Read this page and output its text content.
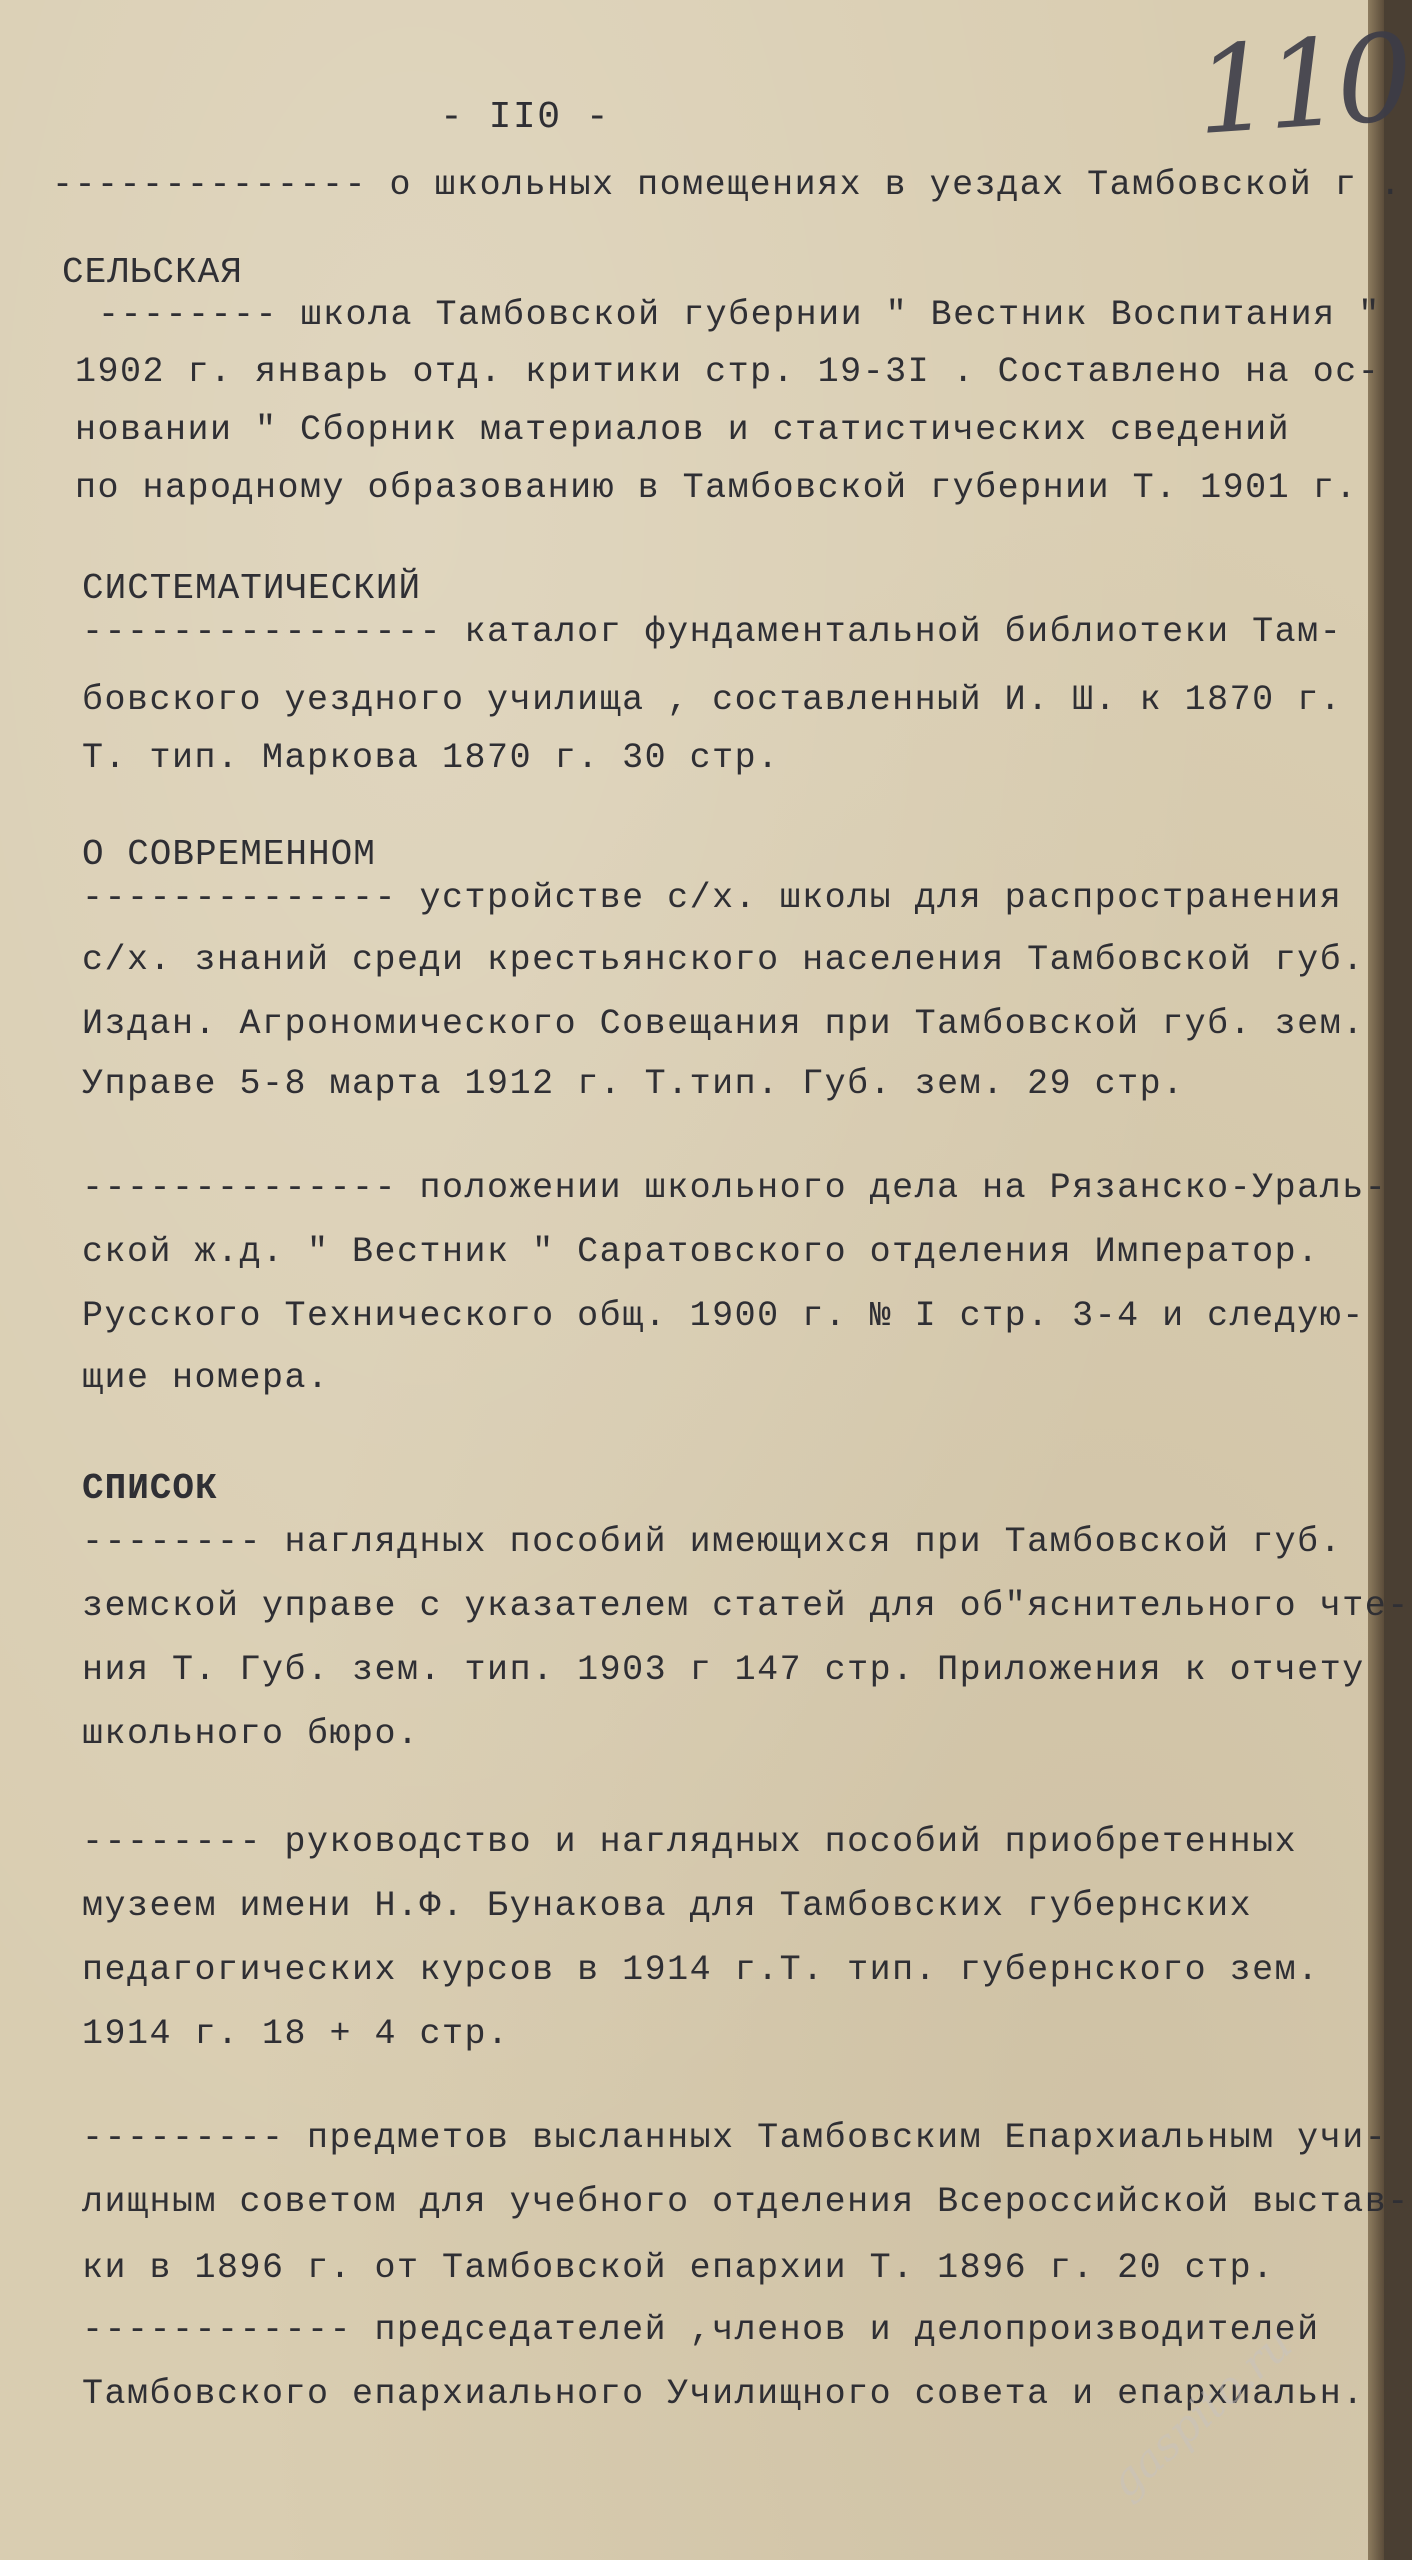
- II0 -	110
-------------- о школьных помещениях в уездах Тамбовской г .
СЕЛЬСКАЯ
-------- школа Тамбовской губернии " Вестник Воспитания "
1902 г. январь отд. критики стр. 19-3I . Составлено на ос-
новании " Сборник материалов и статистических сведений
по народному образованию в Тамбовской губернии Т. 1901 г.
СИСТЕМАТИЧЕСКИЙ
---------------- каталог фундаментальной библиотеки Там-
бовского уездного училища , составленный И. Ш. к 1870 г.
Т. тип. Маркова 1870 г. 30 стр.
О СОВРЕМЕННОМ
-------------- устройстве с/х. школы для распространения
с/х. знаний среди крестьянского населения Тамбовской губ.
Издан. Агрономического Совещания при Тамбовской губ. зем.
Управе 5-8 марта 1912 г. Т.тип. Губ. зем. 29 стр.
-------------- положении школьного дела на Рязанско-Ураль-
ской ж.д. " Вестник " Саратовского отделения Император.
Русского Технического общ. 1900 г. № I стр. 3-4 и следую-
щие номера.
СПИСОК
-------- наглядных пособий имеющихся при Тамбовской губ.
земской управе с указателем статей для об"яснительного чте-
ния Т. Губ. зем. тип. 1903 г 147 стр. Приложения к отчету
школьного бюро.
-------- руководство и наглядных пособий приобретенных
музеем имени Н.Ф. Бунакова для Тамбовских губернских
педагогических курсов в 1914 г.Т. тип. губернского зем.
1914 г. 18 + 4 стр.
--------- предметов высланных Тамбовским Епархиальным учи-
лищным советом для учебного отделения Всероссийской выстав-
ки в 1896 г. от Тамбовской епархии Т. 1896 г. 20 стр.
------------ председателей ,членов и делопроизводителей
Тамбовского епархиального Училищного совета и епархиальн.
gaspito.ru
